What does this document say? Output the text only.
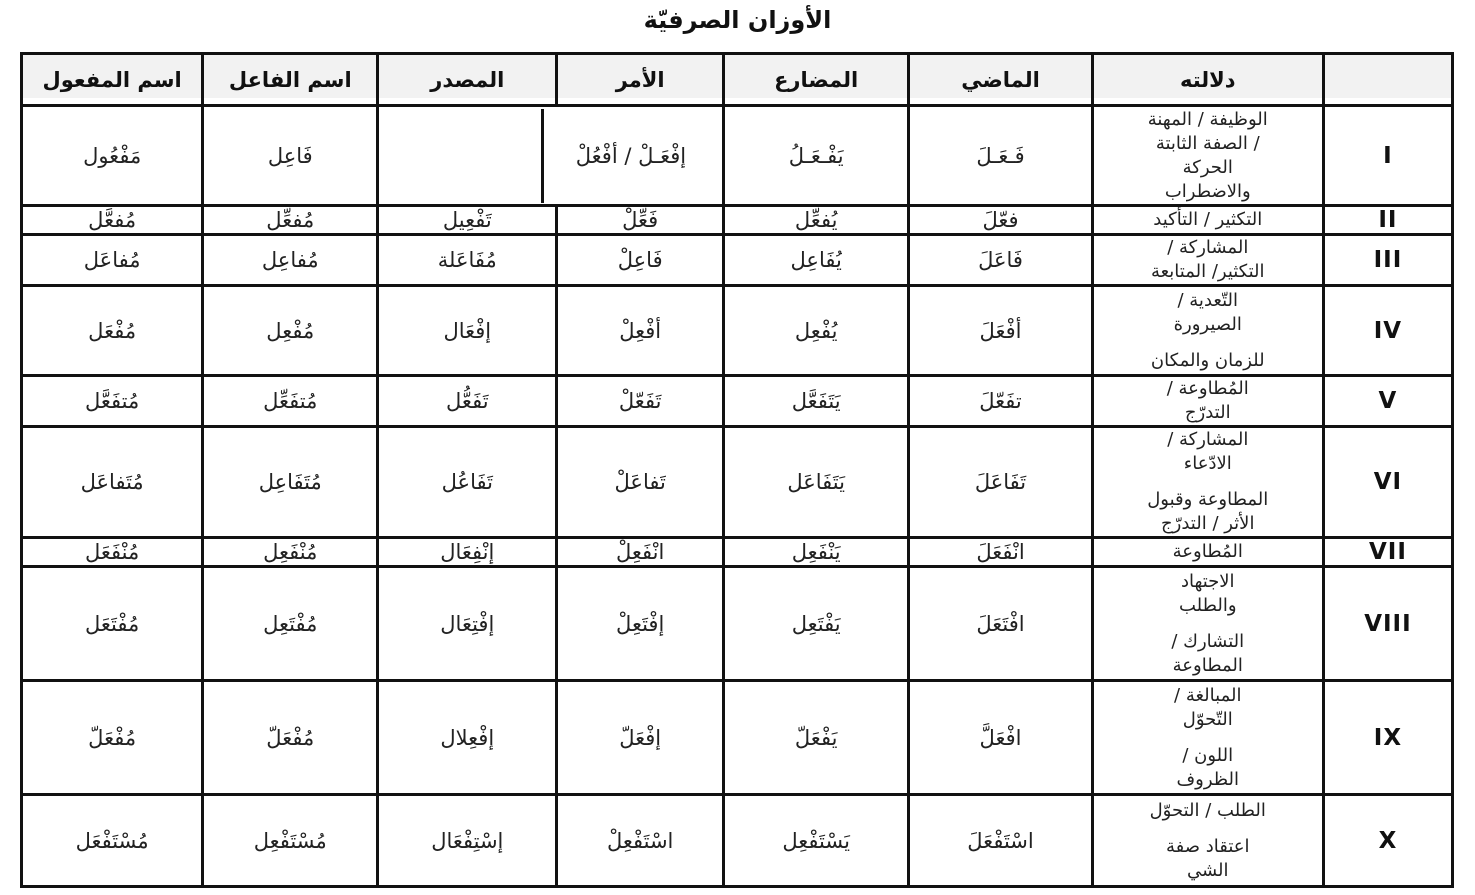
الأوزان الصرفيّة
	دلالته	الماضي	المضارع	الأمر	المصدر	اسم الفاعل	اسم المفعول
I	الوظيفة / المهنة
/ الصفة الثابتة
الحركة
والاضطراب	فَـعَـلَ	يَفْـعَـلُ	إفْعَـلْ / أفْعُلْ		فَاعِل	مَفْعُول
II	التكثير / التأكيد	فعّلَ	يُفعِّل	فَعِّلْ	تَفْعِيل	مُفعِّل	مُفعَّل
III	المشاركة /
التكثير/ المتابعة	فَاعَلَ	يُفَاعِل	فَاعِلْ	مُفَاعَلة	مُفاعِل	مُفاعَل
IV	التّعدية /
الصيرورة
للزمان والمكان	أفْعَلَ	يُفْعِل	أفْعِلْ	إفْعَال	مُفْعِل	مُفْعَل
V	المُطاوعة /
التدرّج	تفَعّلَ	يَتَفَعَّل	تَفَعّلْ	تَفَعُّل	مُتفَعِّل	مُتفَعَّل
VI	المشاركة /
الادّعاء
المطاوعة وقبول
الأثر / التدرّج	تَفَاعَلَ	يَتَفَاعَل	تَفاعَلْ	تَفَاعُل	مُتَفَاعِل	مُتَفاعَل
VII	المُطاوعة	انْفَعَلَ	يَنْفَعِل	انْفَعِلْ	إنْفِعَال	مُنْفَعِل	مُنْفَعَل
VIII	الاجتهاد
والطلب
التشارك /
المطاوعة	افْتَعَلَ	يَفْتَعِل	إفْتَعِلْ	إفْتِعَال	مُفْتَعِل	مُفْتَعَل
IX	المبالغة /
التّحوّل
اللون /
الظروف	افْعَلَّ	يَفْعَلّ	إفْعَلّ	إفْعِلال	مُفْعَلّ	مُفْعَلّ
X	الطلب / التحوّل
اعتقاد صفة
الشي	اسْتَفْعَلَ	يَسْتَفْعِل	اسْتَفْعِلْ	إسْتِفْعَال	مُسْتَفْعِل	مُسْتَفْعَل
